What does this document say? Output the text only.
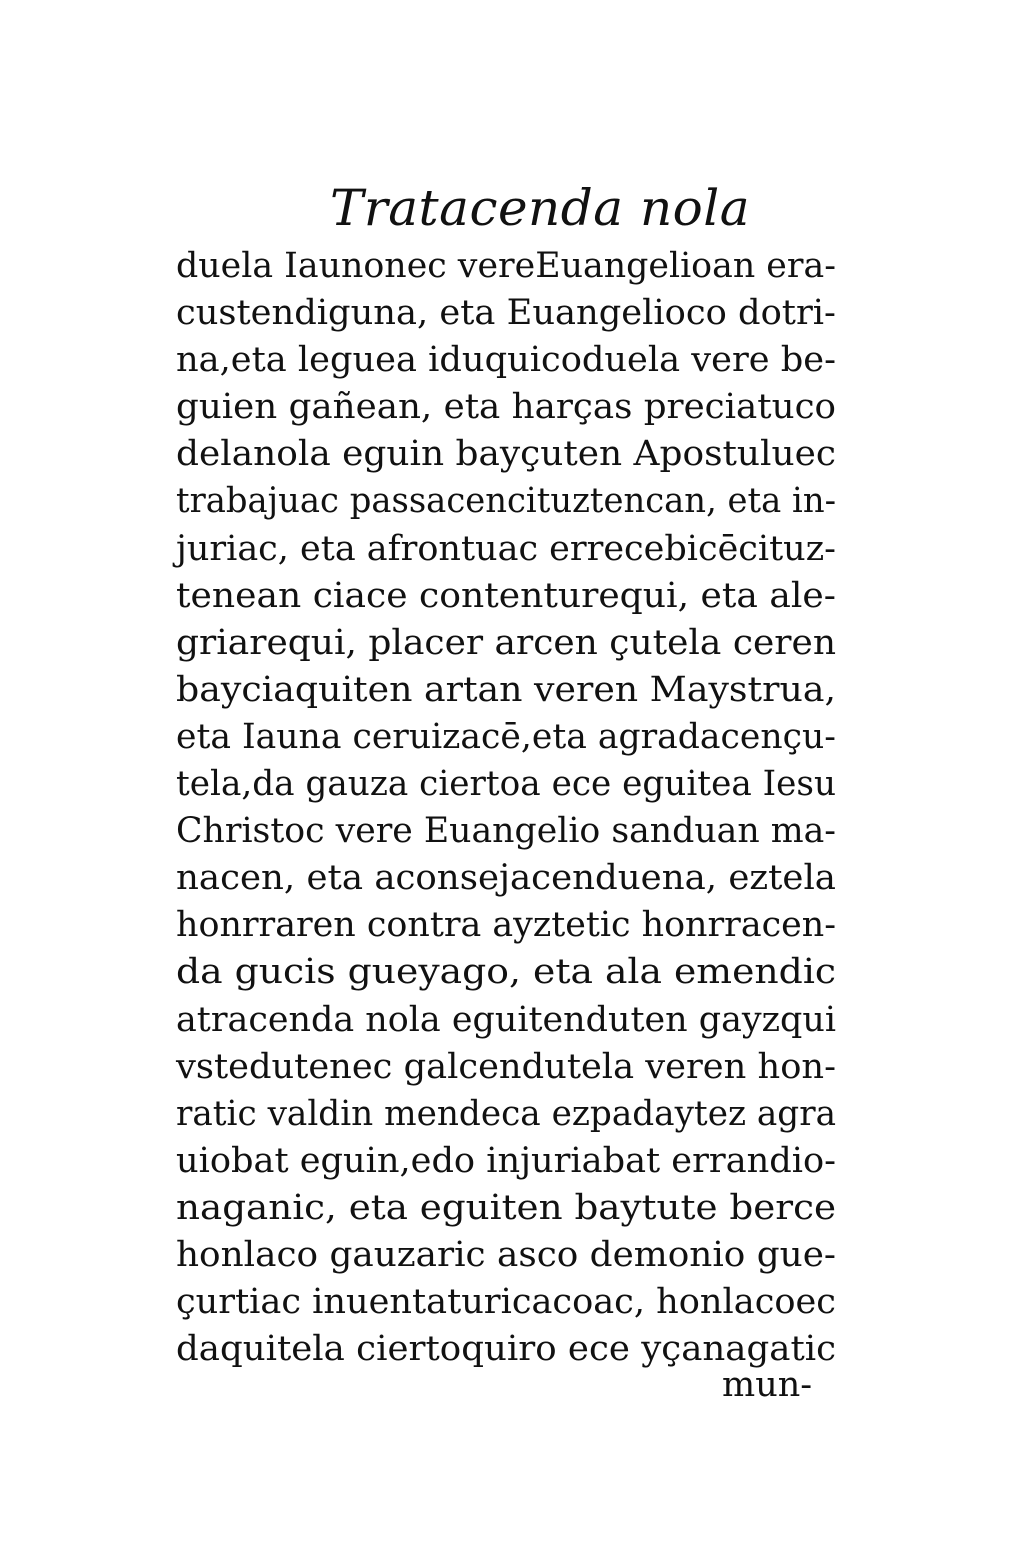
Tratacenda nola
duela Iaunonec vereEuangelioan era-
custendiguna, eta Euangelioco dotri-
na,eta leguea iduquicoduela vere be-
guien gañean, eta harças preciatuco
delanola eguin bayçuten Apostuluec
trabajuac passacencituztencan, eta in-
juriac, eta afrontuac errecebicēcituz-
tenean ciace contenturequi, eta ale-
griarequi, placer arcen çutela ceren
bayciaquiten artan veren Maystrua,
eta Iauna ceruizacē,eta agradacençu-
tela,da gauza ciertoa ece eguitea Iesu
Christoc vere Euangelio sanduan ma-
nacen, eta aconsejacenduena, eztela
honrraren contra ayztetic honrracen-
da gucis gueyago, eta ala emendic
atracenda nola eguitenduten gayzqui
vstedutenec galcendutela veren hon-
ratic valdin mendeca ezpadaytez agra
uiobat eguin,edo injuriabat errandio-
naganic, eta eguiten baytute berce
honlaco gauzaric asco demonio gue-
çurtiac inuentaturicacoac, honlacoec
daquitela ciertoquiro ece yçanagatic
mun-
